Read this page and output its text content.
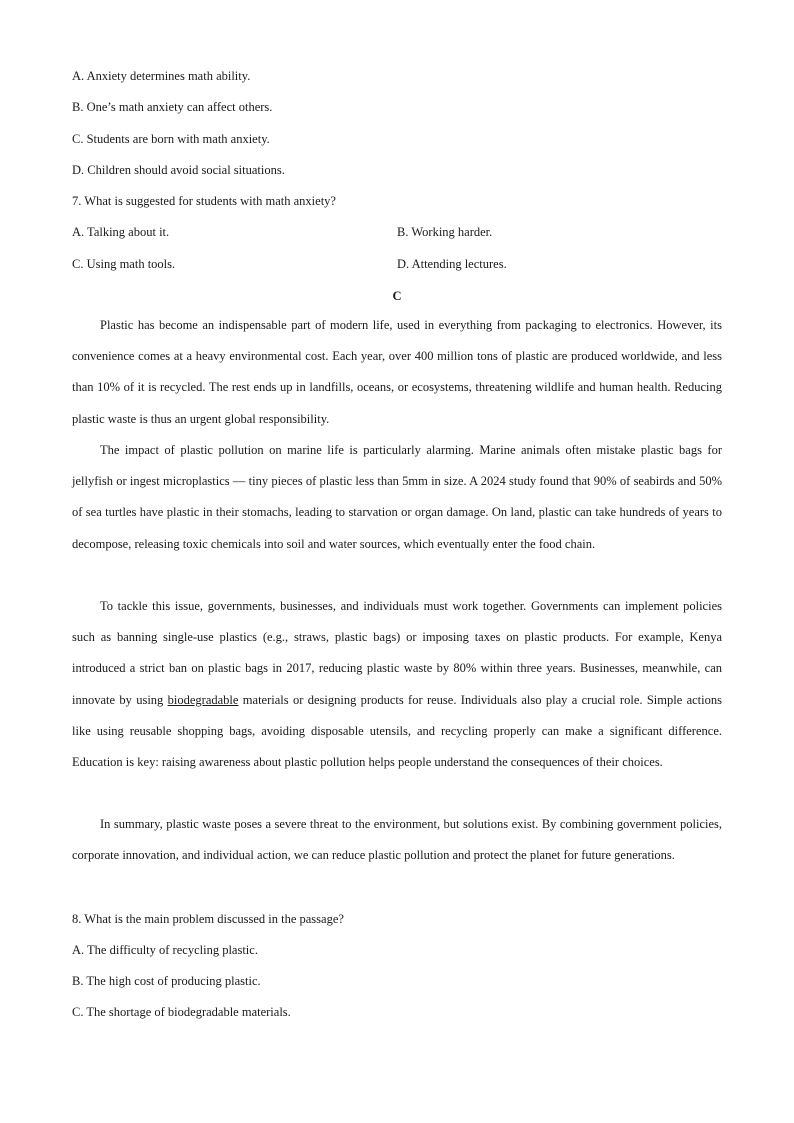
A. Anxiety determines math ability.
B. One’s math anxiety can affect others.
C. Students are born with math anxiety.
D. Children should avoid social situations.
7. What is suggested for students with math anxiety?
A. Talking about it.	B. Working harder.
C. Using math tools.	D. Attending lectures.
C
Plastic has become an indispensable part of modern life, used in everything from packaging to electronics. However, its convenience comes at a heavy environmental cost. Each year, over 400 million tons of plastic are produced worldwide, and less than 10% of it is recycled. The rest ends up in landfills, oceans, or ecosystems, threatening wildlife and human health. Reducing plastic waste is thus an urgent global responsibility.
The impact of plastic pollution on marine life is particularly alarming. Marine animals often mistake plastic bags for jellyfish or ingest microplastics — tiny pieces of plastic less than 5mm in size. A 2024 study found that 90% of seabirds and 50% of sea turtles have plastic in their stomachs, leading to starvation or organ damage. On land, plastic can take hundreds of years to decompose, releasing toxic chemicals into soil and water sources, which eventually enter the food chain.
To tackle this issue, governments, businesses, and individuals must work together. Governments can implement policies such as banning single-use plastics (e.g., straws, plastic bags) or imposing taxes on plastic products. For example, Kenya introduced a strict ban on plastic bags in 2017, reducing plastic waste by 80% within three years. Businesses, meanwhile, can innovate by using biodegradable materials or designing products for reuse. Individuals also play a crucial role. Simple actions like using reusable shopping bags, avoiding disposable utensils, and recycling properly can make a significant difference. Education is key: raising awareness about plastic pollution helps people understand the consequences of their choices.
In summary, plastic waste poses a severe threat to the environment, but solutions exist. By combining government policies, corporate innovation, and individual action, we can reduce plastic pollution and protect the planet for future generations.
8. What is the main problem discussed in the passage?
A. The difficulty of recycling plastic.
B. The high cost of producing plastic.
C. The shortage of biodegradable materials.
